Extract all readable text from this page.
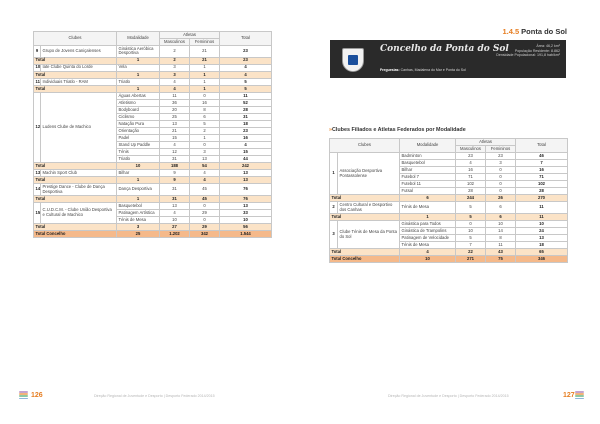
Clubes		Modalidade	Atletas		Total
			Masculinos	Femininos	
9	Grupo de Jovens Caniçalenses	Ginástica Aeróbica Desportiva	2	21	23
Total		1	2	21	23
10	Iate Clube Quinta do Lorde	Vela	3	1	4
Total		1	3	1	4
11	Individuais Triatlo - RAM	Triatlo	4	1	5
Total		1	4	1	5
12	Ludens Clube de Machico	Águas Abertas	11	0	11
		Atletismo	36	16	52
		Bodyboard	20	8	28
		Ciclismo	25	6	31
		Natação Pura	13	5	18
		Orientação	21	2	23
		Padel	15	1	16
		Stand Up Paddle	4	0	4
		Ténis	12	3	15
		Triatlo	31	13	44
Total		10	188	54	242
13	Machin Sport Club	Bilhar	9	4	13
Total		1	9	4	13
14	Prestige Dance - Clube de Dança Desportiva	Dança Desportiva	31	45	76
Total		1	31	45	76
15	C.U.D.C.M. - Clube União Desportiva e Cultural de Machico	Basquetebol	13	0	13
		Patinagem Artística	4	29	33
		Ténis de Mesa	10	0	10
Total		3	27	29	56
Total Concelho		25	1.202	342	1.544
126	Direção Regional de Juventude e Desporto | Desporto Federado 2014/2015
1.4.5 Ponta do Sol
Concelho da Ponta do Sol	Área: 46,2 km²
População Residente: 8.862
Densidade Populacional: 191,8 hab/km²
Freguesias: Canhas, Madalena do Mar e Ponta do Sol
»Clubes Filiados e Atletas Federados por Modalidade
Clubes		Modalidade	Atletas		Total
			Masculinos	Femininos	
1	Associação Desportiva Pontassolense	Badminton	23	23	46
		Basquetebol	4	3	7
		Bilhar	16	0	16
		Futebol 7	71	0	71
		Futebol 11	102	0	102
		Futsal	28	0	28
Total		6	244	26	270
2	Centro Cultural e Desportivo dos Canhas	Ténis de Mesa	5	6	11
Total		1	5	6	11
3	Clube Ténis de Mesa da Ponta do Sol	Ginástica para Todos	0	10	10
		Ginástica de Trampolins	10	14	24
		Patinagem de Velocidade	5	8	13
		Ténis de Mesa	7	11	18
Total		4	22	43	65
Total Concelho		10	271	75	346
Direção Regional de Juventude e Desporto | Desporto Federado 2014/2015	127
